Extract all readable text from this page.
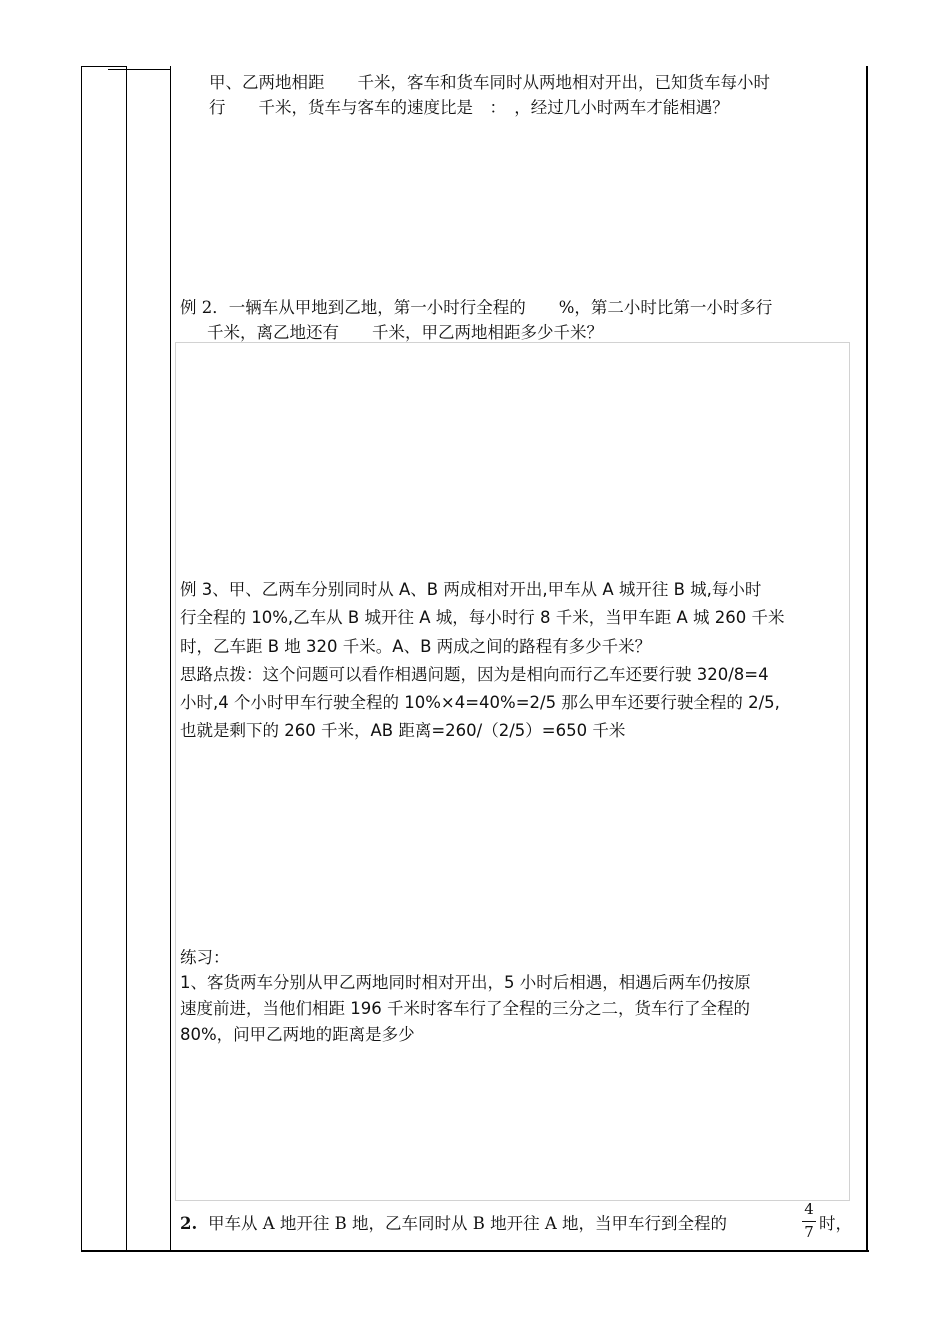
甲、乙两地相距　　千米，客车和货车同时从两地相对开出，已知货车每小时
行　　千米，货车与客车的速度比是　：　，经过几小时两车才能相遇？
例 2．一辆车从甲地到乙地，第一小时行全程的　　%，第二小时比第一小时多行
千米，离乙地还有　　千米，甲乙两地相距多少千米？
例 3、甲、乙两车分别同时从 A、B 两成相对开出,甲车从 A 城开往 B 城,每小时
行全程的 10%,乙车从 B 城开往 A 城，每小时行 8 千米，当甲车距 A 城 260 千米
时，乙车距 B 地 320 千米。A、B 两成之间的路程有多少千米？
思路点拨：这个问题可以看作相遇问题，因为是相向而行乙车还要行驶 320/8=4
小时,4 个小时甲车行驶全程的 10%×4=40%=2/5 那么甲车还要行驶全程的 2/5,
也就是剩下的 260 千米，AB 距离=260/（2/5）=650 千米
练习：
1、客货两车分别从甲乙两地同时相对开出，5 小时后相遇，相遇后两车仍按原
速度前进，当他们相距 196 千米时客车行了全程的三分之二，货车行了全程的
80%，问甲乙两地的距离是多少
2. 甲车从 A 地开往 B 地，乙车同时从 B 地开往 A 地，当甲车行到全程的
4
7 时，
